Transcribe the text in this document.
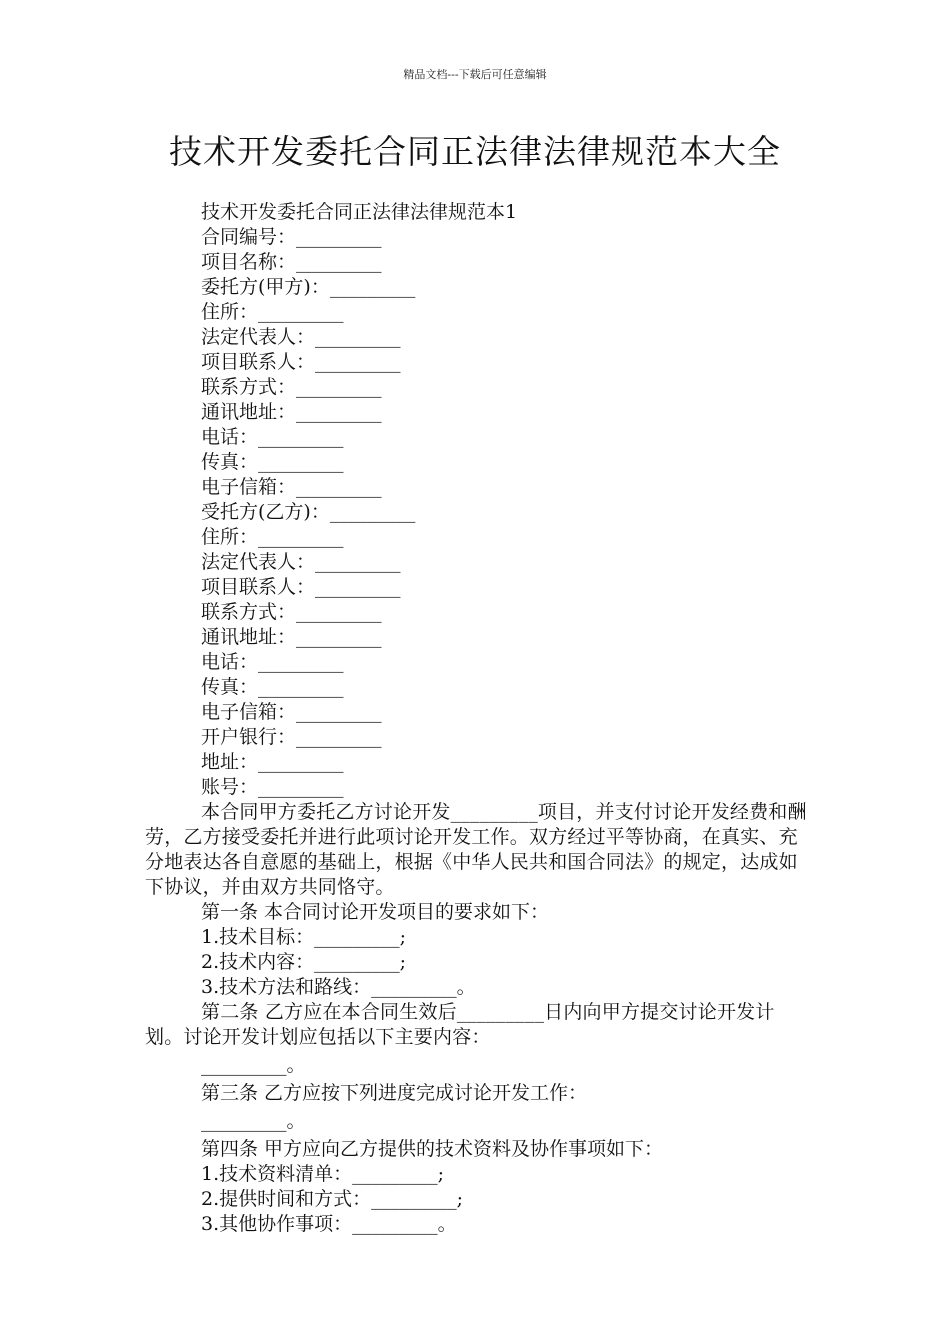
精品文档---下载后可任意编辑
技术开发委托合同正法律法律规范本大全
技术开发委托合同正法律法律规范本1
合同编号：_________
项目名称：_________
委托方(甲方)：_________
住所：_________
法定代表人：_________
项目联系人：_________
联系方式：_________
通讯地址：_________
电话：_________
传真：_________
电子信箱：_________
受托方(乙方)：_________
住所：_________
法定代表人：_________
项目联系人：_________
联系方式：_________
通讯地址：_________
电话：_________
传真：_________
电子信箱：_________
开户银行：_________
地址：_________
账号：_________
本合同甲方委托乙方讨论开发_________项目，并支付讨论开发经费和酬劳，乙方接受委托并进行此项讨论开发工作。双方经过平等协商，在真实、充分地表达各自意愿的基础上，根据《中华人民共和国合同法》的规定，达成如下协议，并由双方共同恪守。
第一条 本合同讨论开发项目的要求如下：
1.技术目标：_________;
2.技术内容：_________;
3.技术方法和路线：_________。
第二条 乙方应在本合同生效后_________日内向甲方提交讨论开发计划。讨论开发计划应包括以下主要内容：
_________。
第三条 乙方应按下列进度完成讨论开发工作：
_________。
第四条 甲方应向乙方提供的技术资料及协作事项如下：
1.技术资料清单：_________;
2.提供时间和方式：_________;
3.其他协作事项：_________。
